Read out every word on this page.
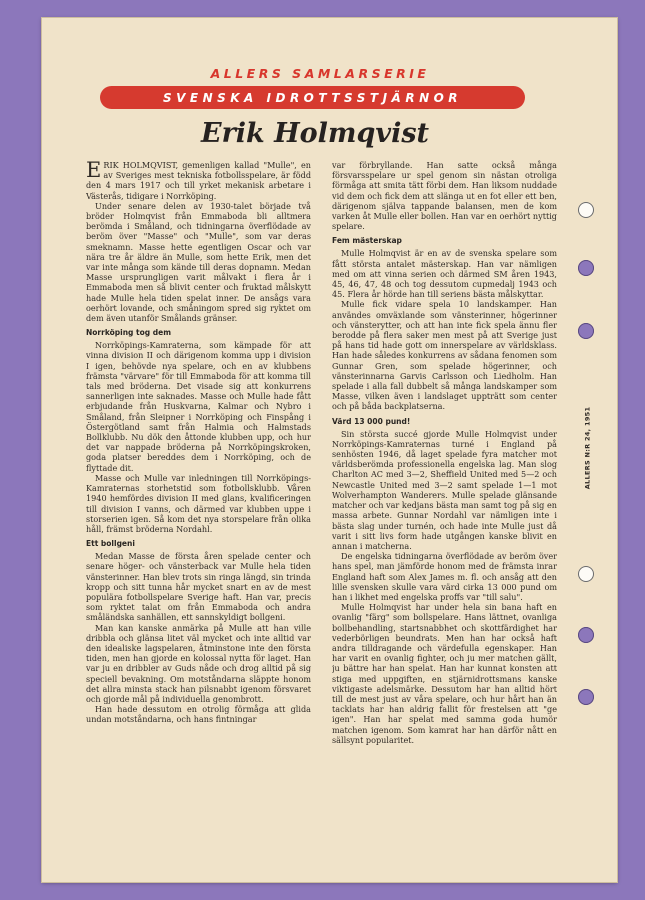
ALLERS SAMLARSERIE
SVENSKA IDROTTSSTJÄRNOR
Erik Holmqvist

ERIK HOLMQVIST, gemenligen kallad "Mulle", en av Sveriges mest tekniska fotbollsspelare, är född den 4 mars 1917 och till yrket mekanisk arbetare i Västerås, tidigare i Norrköping.

Under senare delen av 1930-talet började två bröder Holmqvist från Emmaboda bli alltmera berömda i Småland, och tidningarna överflödade av beröm över "Masse" och "Mulle", som var deras smeknamn. Masse hette egentligen Oscar och var nära tre år äldre än Mulle, som hette Erik, men det var inte många som kände till deras dopnamn. Medan Masse ursprungligen varit målvakt i flera år i Emmaboda men så blivit center och fruktad målskytt hade Mulle hela tiden spelat inner. De ansågs vara oerhört lovande, och småningom spred sig ryktet om dem även utanför Smålands gränser.

Norrköping tog dem

Norrköpings-Kamraterna, som kämpade för att vinna division II och därigenom komma upp i division I igen, behövde nya spelare, och en av klubbens främsta "värvare" för till Emmaboda för att komma till tals med bröderna. Det visade sig att konkurrens sannerligen inte saknades. Masse och Mulle hade fått erbjudande från Huskvarna, Kalmar och Nybro i Småland, från Sleipner i Norrköping och Finspång i Östergötland samt från Halmia och Halmstads Bollklubb. Nu dök den åttonde klubben upp, och hur det var nappade bröderna på Norrköpingskroken, goda platser bereddes dem i Norrköping, och de flyttade dit.

Masse och Mulle var inledningen till Norrköpings-Kamraternas storhetstid som fotbollsklubb. Våren 1940 hemfördes division II med glans, kvalificeringen till division I vanns, och därmed var klubben uppe i storserien igen. Så kom det nya storspelare från olika håll, främst bröderna Nordahl.

Ett bollgeni

Medan Masse de första åren spelade center och senare höger- och vänsterback var Mulle hela tiden vänsterinner. Han blev trots sin ringa längd, sin trinda kropp och sitt tunna hår mycket snart en av de mest populära fotbollspelare Sverige haft. Han var, precis som ryktet talat om från Emmaboda och andra småländska sanhällen, ett sannskyldigt bollgeni.

Man kan kanske anmärka på Mulle att han ville dribbla och glänsa litet väl mycket och inte alltid var den idealiske lagspelaren, åtminstone inte den första tiden, men han gjorde en kolossal nytta för laget. Han var ju en dribbler av Guds nåde och drog alltid på sig speciell bevakning. Om motståndarna släppte honom det allra minsta stack han pilsnabbt igenom försvaret och gjorde mål på individuella genombrott.

Han hade dessutom en otrolig förmåga att glida undan motståndarna, och hans fintningar

var förbryllande. Han satte också många försvarsspelare ur spel genom sin nästan otroliga förmåga att smita tätt förbi dem. Han liksom nuddade vid dem och fick dem att slänga ut en fot eller ett ben, därigenom själva tappande balansen, men de kom varken åt Mulle eller bollen. Han var en oerhört nyttig spelare.

Fem mästerskap

Mulle Holmqvist är en av de svenska spelare som fått största antalet mästerskap. Han var nämligen med om att vinna serien och därmed SM åren 1943, 45, 46, 47, 48 och tog dessutom cupmedalj 1943 och 45. Flera år hörde han till seriens bästa målskyttar.

Mulle fick vidare spela 10 landskamper. Han användes omväxlande som vänsterinner, högerinner och vänsterytter, och att han inte fick spela ännu fler berodde på flera saker men mest på att Sverige just på hans tid hade gott om innerspelare av världsklass. Han hade således konkurrens av sådana fenomen som Gunnar Gren, som spelade högerinner, och vänsterinnarna Garvis Carlsson och Liedholm. Han spelade i alla fall dubbelt så många landskamper som Masse, vilken även i landslaget uppträtt som center och på båda backplatserna.

Värd 13 000 pund!

Sin största succé gjorde Mulle Holmqvist under Norrköpings-Kamraternas turné i England på senhösten 1946, då laget spelade fyra matcher mot världsberömda professionella engelska lag. Man slog Charlton AC med 3—2, Sheffield United med 5—2 och Newcastle United med 3—2 samt spelade 1—1 mot Wolverhampton Wanderers. Mulle spelade glänsande matcher och var kedjans bästa man samt tog på sig en massa arbete. Gunnar Nordahl var nämligen inte i bästa slag under turnén, och hade inte Mulle just då varit i sitt livs form hade utgången kanske blivit en annan i matcherna.

De engelska tidningarna överflödade av beröm över hans spel, man jämförde honom med de främsta inrar England haft som Alex James m. fl. och ansåg att den lille svensken skulle vara värd cirka 13 000 pund om han i likhet med engelska proffs var "till salu".

Mulle Holmqvist har under hela sin bana haft en ovanlig "färg" som bollspelare. Hans lättnet, ovanliga bollbehandling, startsnabbhet och skottfärdighet har vederbörligen beundrats. Men han har också haft andra tilldragande och värdefulla egenskaper. Han har varit en ovanlig fighter, och ju mer matchen gällt, ju bättre har han spelat. Han har kunnat konsten att stiga med uppgiften, en stjärnidrottsmans kanske viktigaste adelsmärke. Dessutom har han alltid hört till de mest just av våra spelare, och hur hårt han än tacklats har han aldrig fallit för frestelsen att "ge igen". Han har spelat med samma goda humör matchen igenom. Som kamrat har han därför nått en sällsynt popularitet.

ALLERS N:R 24, 1951
